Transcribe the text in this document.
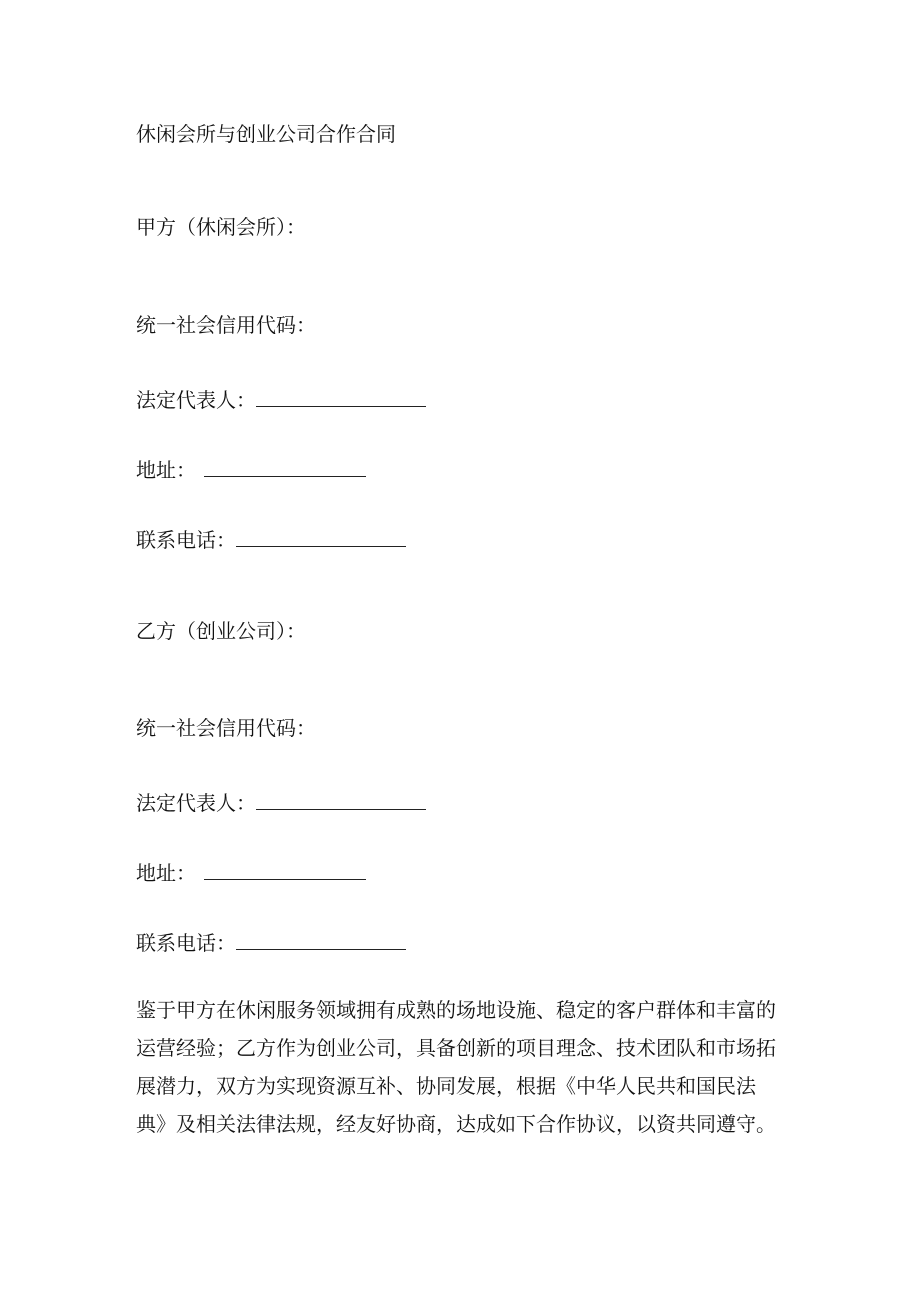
休闲会所与创业公司合作合同
甲方（休闲会所）：
统一社会信用代码：
法定代表人：
地址：
联系电话：
乙方（创业公司）：
统一社会信用代码：
法定代表人：
地址：
联系电话：
鉴于甲方在休闲服务领域拥有成熟的场地设施、稳定的客户群体和丰富的
运营经验；乙方作为创业公司，具备创新的项目理念、技术团队和市场拓
展潜力，双方为实现资源互补、协同发展，根据《中华人民共和国民法
典》及相关法律法规，经友好协商，达成如下合作协议，以资共同遵守。
